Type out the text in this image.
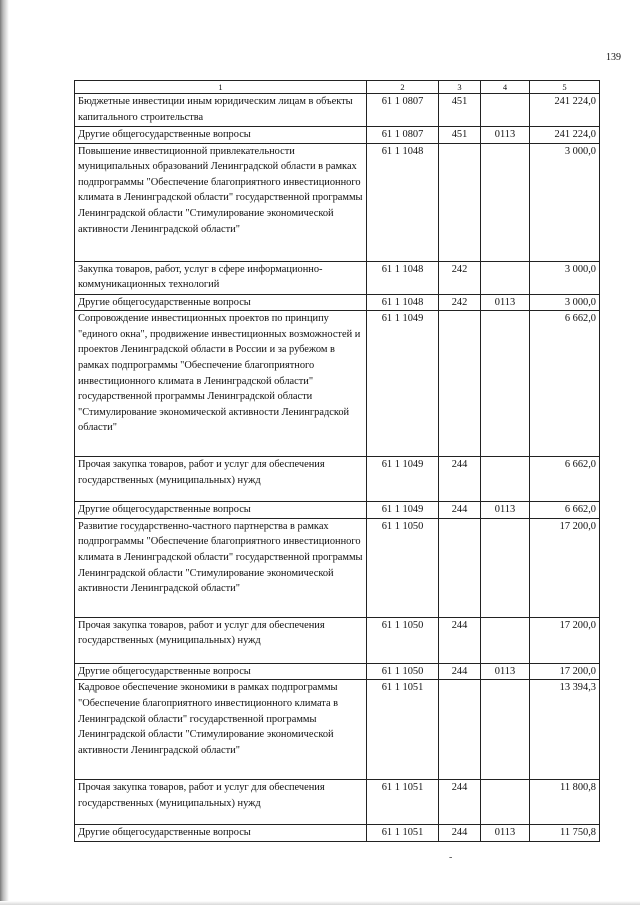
139
1	2	3	4	5
Бюджетные инвестиции иным юридическим лицам в объекты капитального строительства	61 1 0807	451		241 224,0
Другие общегосударственные вопросы	61 1 0807	451	0113	241 224,0
Повышение инвестиционной привлекательности муниципальных образований Ленинградской области в рамках подпрограммы "Обеспечение благоприятного инвестиционного климата в Ленинградской области" государственной программы Ленинградской области "Стимулирование экономической активности Ленинградской области"	61 1 1048			3 000,0
Закупка товаров, работ, услуг в сфере информационно-коммуникационных технологий	61 1 1048	242		3 000,0
Другие общегосударственные вопросы	61 1 1048	242	0113	3 000,0
Сопровождение инвестиционных проектов по принципу "единого окна", продвижение инвестиционных возможностей и проектов Ленинградской области в России и за рубежом в рамках подпрограммы "Обеспечение благоприятного инвестиционного климата в Ленинградской области" государственной программы Ленинградской области "Стимулирование экономической активности Ленинградской области"	61 1 1049			6 662,0
Прочая закупка товаров, работ и услуг для обеспечения государственных (муниципальных) нужд	61 1 1049	244		6 662,0
Другие общегосударственные вопросы	61 1 1049	244	0113	6 662,0
Развитие государственно-частного партнерства в рамках подпрограммы "Обеспечение благоприятного инвестиционного климата в Ленинградской области" государственной программы Ленинградской области "Стимулирование экономической активности Ленинградской области"	61 1 1050			17 200,0
Прочая закупка товаров, работ и услуг для обеспечения государственных (муниципальных) нужд	61 1 1050	244		17 200,0
Другие общегосударственные вопросы	61 1 1050	244	0113	17 200,0
Кадровое обеспечение экономики в рамках подпрограммы "Обеспечение благоприятного инвестиционного климата в Ленинградской области" государственной программы Ленинградской области "Стимулирование экономической активности Ленинградской области"	61 1 1051			13 394,3
Прочая закупка товаров, работ и услуг для обеспечения государственных (муниципальных) нужд	61 1 1051	244		11 800,8
Другие общегосударственные вопросы	61 1 1051	244	0113	11 750,8
-
